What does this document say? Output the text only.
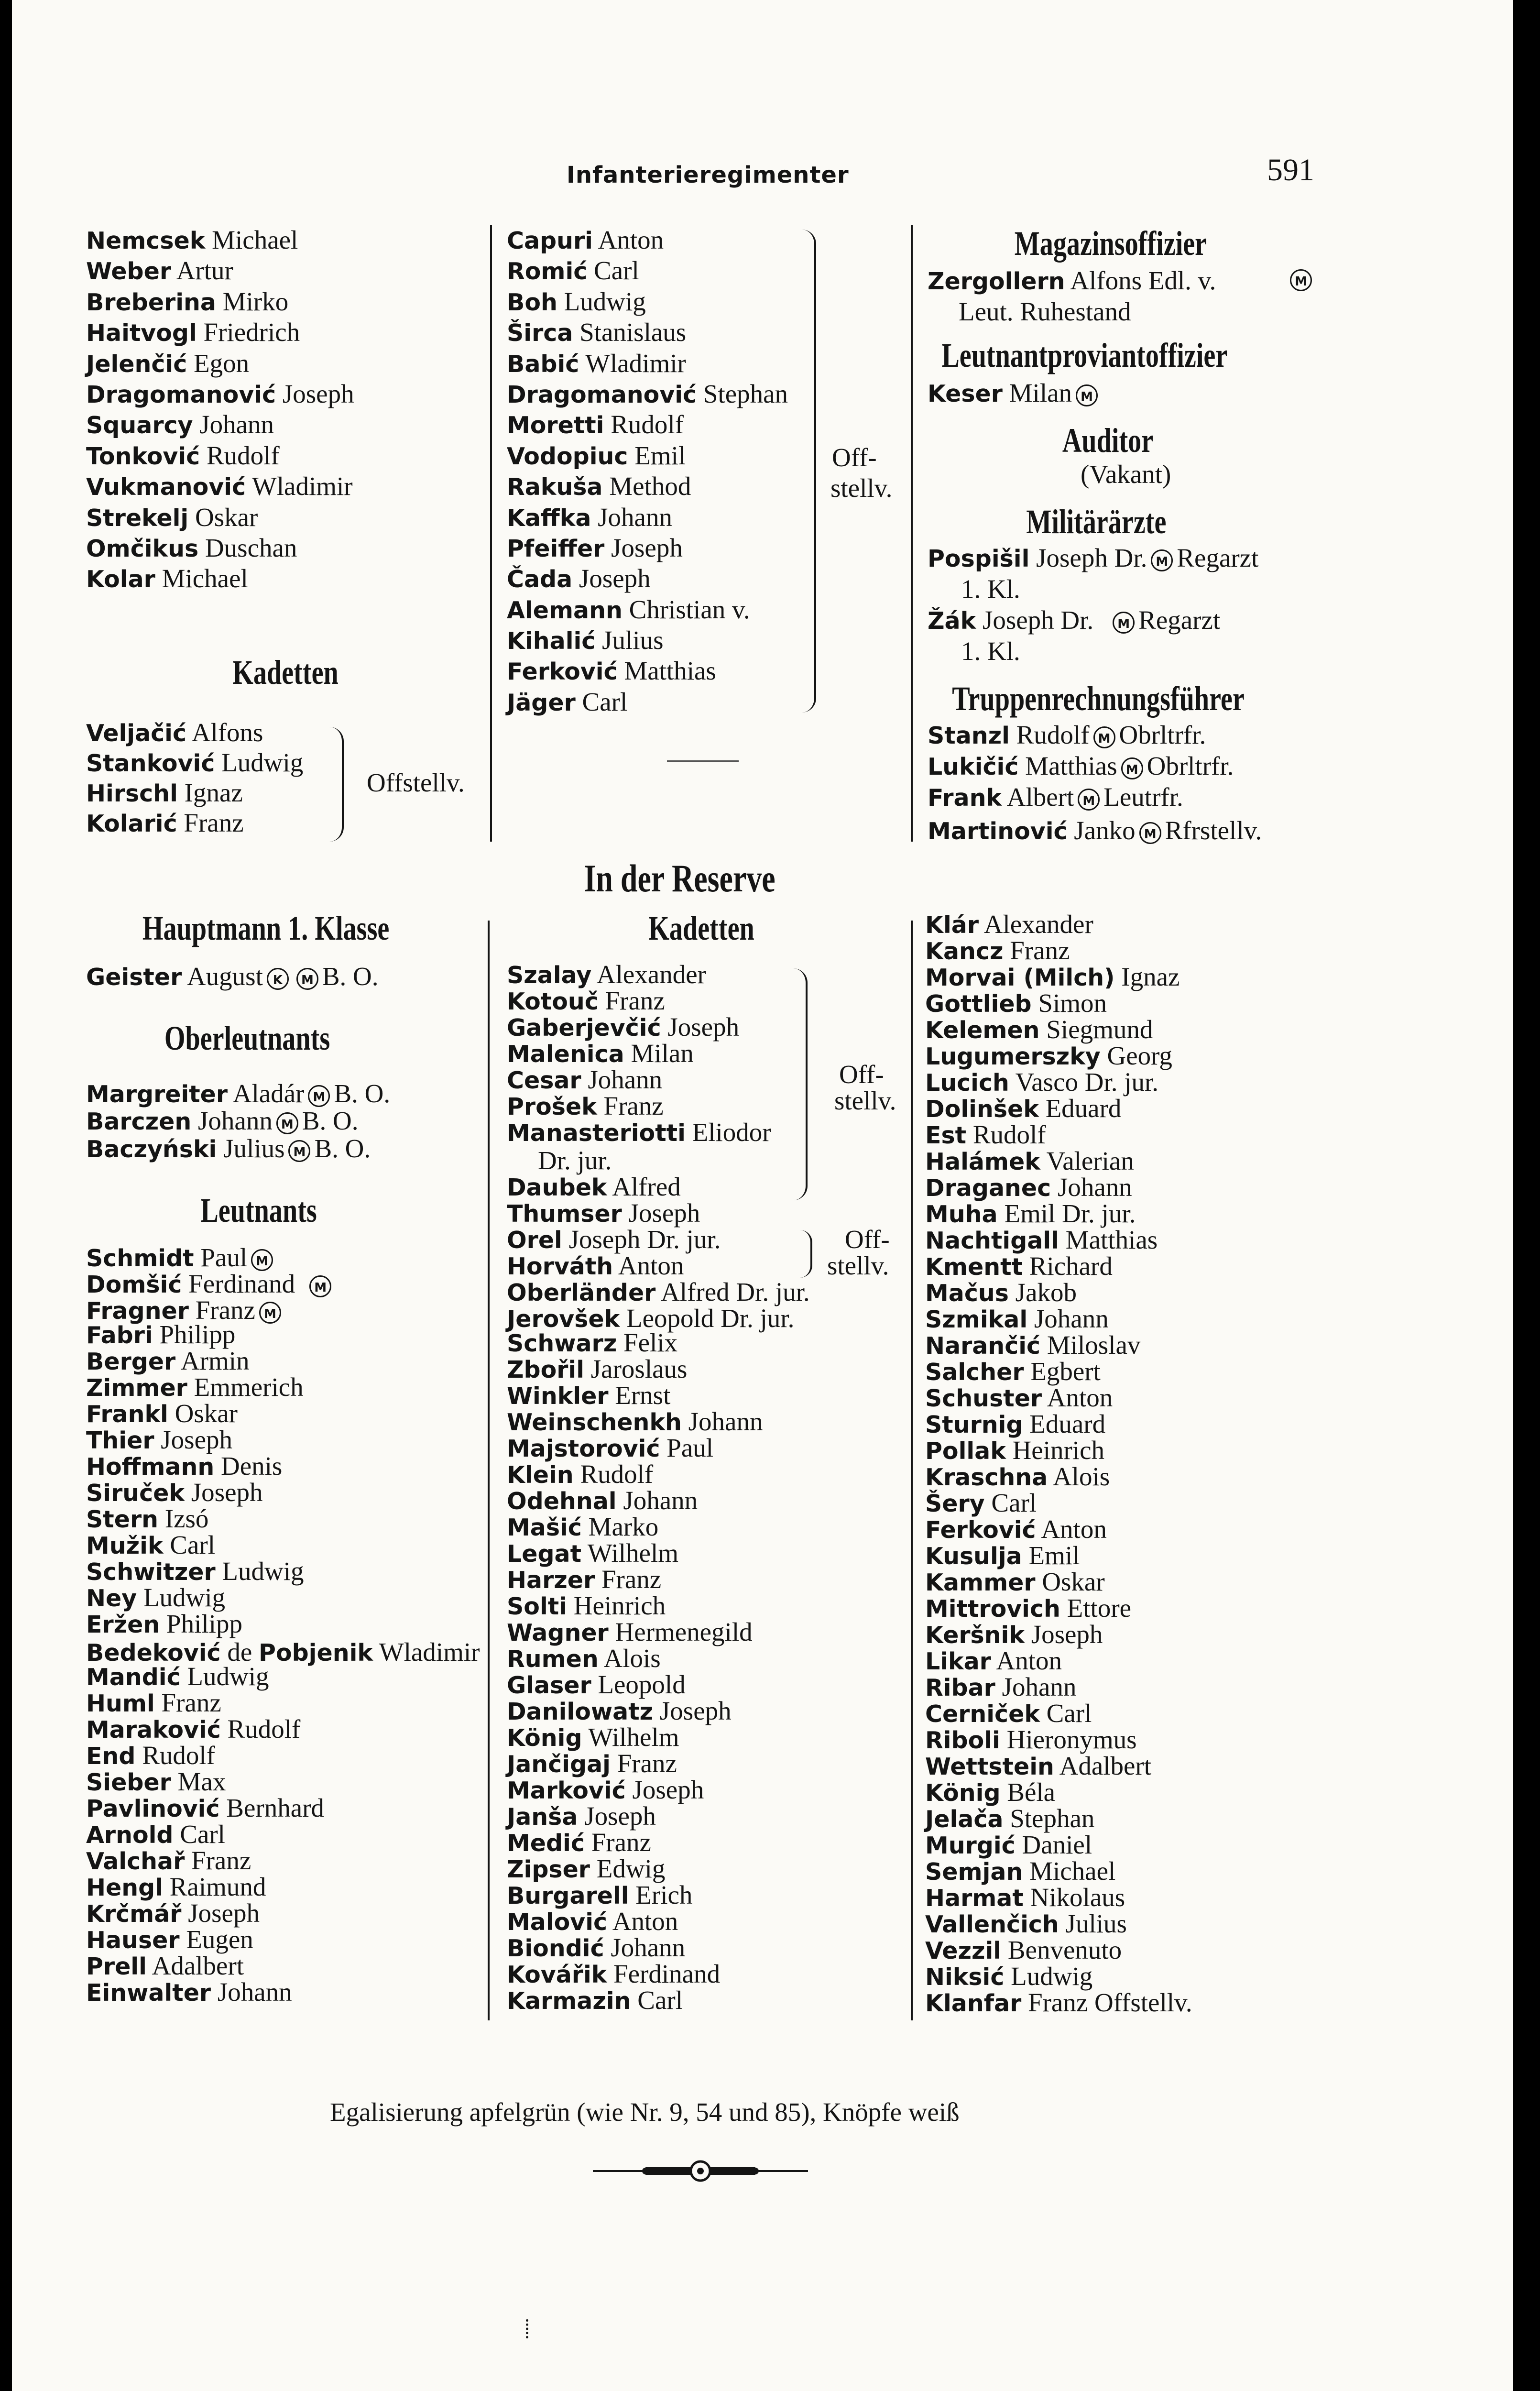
Infanterieregimenter	591
Nemcsek Michael
Weber Artur
Breberina Mirko
Haitvogl Friedrich
Jelenčić Egon
Dragomanović Joseph
Squarcy Johann
Tonković Rudolf
Vukmanović Wladimir
Strekelj Oskar
Omčikus Duschan
Kolar Michael
Kadetten
Veljačić Alfons
Stanković Ludwig
Hirschl Ignaz
Kolarić Franz
Offstellv.
Capuri Anton
Romić Carl
Boh Ludwig
Širca Stanislaus
Babić Wladimir
Dragomanović Stephan
Moretti Rudolf
Vodopiuc Emil
Rakuša Method
Kaffka Johann
Pfeiffer Joseph
Čada Joseph
Alemann Christian v.
Kihalić Julius
Ferković Matthias
Jäger Carl
Off-
stellv.
Magazinsoffizier
Zergollern Alfons Edl. v.	M
Leut. Ruhestand
Leutnantproviantoffizier
Keser Milan M
Auditor
(Vakant)
Militärärzte
Pospišil Joseph Dr. M Regarzt
1. Kl.
Žák Joseph Dr. M Regarzt
1. Kl.
Truppenrechnungsführer
Stanzl Rudolf M Obrltrfr.
Lukičić Matthias M Obrltrfr.
Frank Albert M Leutrfr.
Martinović Janko M Rfrstellv.
In der Reserve
Hauptmann 1. Klasse
Geister August K M B. O.
Oberleutnants
Margreiter Aladár M B. O.
Barczen Johann M B. O.
Baczyński Julius M B. O.
Leutnants
Schmidt Paul M
Domšić Ferdinand M
Fragner Franz M
Fabri Philipp
Berger Armin
Zimmer Emmerich
Frankl Oskar
Thier Joseph
Hoffmann Denis
Siruček Joseph
Stern Izsó
Mužik Carl
Schwitzer Ludwig
Ney Ludwig
Eržen Philipp
Bedeković de Pobjenik Wladimir
Mandić Ludwig
Huml Franz
Maraković Rudolf
End Rudolf
Sieber Max
Pavlinović Bernhard
Arnold Carl
Valchař Franz
Hengl Raimund
Krčmář Joseph
Hauser Eugen
Prell Adalbert
Einwalter Johann
Kadetten
Szalay Alexander
Kotouč Franz
Gaberjevčić Joseph
Malenica Milan
Cesar Johann
Prošek Franz
Manasteriotti Eliodor
Dr. jur.
Daubek Alfred
Thumser Joseph
Off-
stellv.
Orel Joseph Dr. jur.
Horváth Anton
Off-
stellv.
Oberländer Alfred Dr. jur.
Jerovšek Leopold Dr. jur.
Schwarz Felix
Zbořil Jaroslaus
Winkler Ernst
Weinschenkh Johann
Majstorović Paul
Klein Rudolf
Odehnal Johann
Mašić Marko
Legat Wilhelm
Harzer Franz
Solti Heinrich
Wagner Hermenegild
Rumen Alois
Glaser Leopold
Danilowatz Joseph
König Wilhelm
Jančigaj Franz
Marković Joseph
Janša Joseph
Medić Franz
Zipser Edwig
Burgarell Erich
Malović Anton
Biondić Johann
Kovářik Ferdinand
Karmazin Carl
Klár Alexander
Kancz Franz
Morvai (Milch) Ignaz
Gottlieb Simon
Kelemen Siegmund
Lugumerszky Georg
Lucich Vasco Dr. jur.
Dolinšek Eduard
Est Rudolf
Halámek Valerian
Draganec Johann
Muha Emil Dr. jur.
Nachtigall Matthias
Kmentt Richard
Mačus Jakob
Szmikal Johann
Narančić Miloslav
Salcher Egbert
Schuster Anton
Sturnig Eduard
Pollak Heinrich
Kraschna Alois
Šery Carl
Ferković Anton
Kusulja Emil
Kammer Oskar
Mittrovich Ettore
Keršnik Joseph
Likar Anton
Ribar Johann
Cerniček Carl
Riboli Hieronymus
Wettstein Adalbert
König Béla
Jelača Stephan
Murgić Daniel
Semjan Michael
Harmat Nikolaus
Vallenčich Julius
Vezzil Benvenuto
Niksić Ludwig
Klanfar Franz Offstellv.
Egalisierung apfelgrün (wie Nr. 9, 54 und 85), Knöpfe weiß
